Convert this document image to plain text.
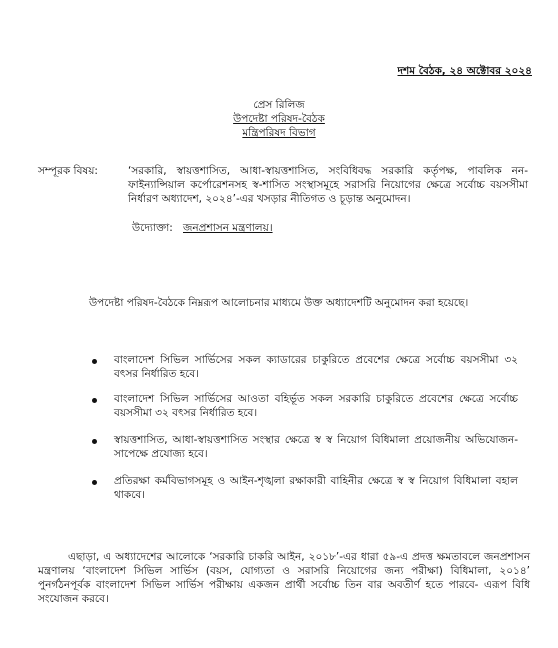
দশম বৈঠক, ২৪ অক্টোবর ২০২৪
প্রেস রিলিজ
উপদেষ্টা পরিষদ-বৈঠক
মন্ত্রিপরিষদ বিভাগ
সম্পূরক বিষয়:	‘সরকারি, স্বায়ত্তশাসিত, আধা-স্বায়ত্তশাসিত, সংবিধিবদ্ধ সরকারি কর্তৃপক্ষ, পাবলিক নন-ফাইন্যান্সিয়াল কর্পোরেশনসহ স্ব-শাসিত সংস্থাসমূহে সরাসরি নিয়োগের ক্ষেত্রে সর্বোচ্চ বয়সসীমা নির্ধারণ অধ্যাদেশ, ২০২৪’-এর খসড়ার নীতিগত ও চূড়ান্ত অনুমোদন।
উদ্যোক্তা: জনপ্রশাসন মন্ত্রণালয়।
উপদেষ্টা পরিষদ-বৈঠকে নিম্নরূপ আলোচনার মাধ্যমে উক্ত অধ্যাদেশটি অনুমোদন করা হয়েছে।
বাংলাদেশ সিভিল সার্ভিসের সকল ক্যাডারের চাকুরিতে প্রবেশের ক্ষেত্রে সর্বোচ্চ বয়সসীমা ৩২ বৎসর নির্ধারিত হবে।
বাংলাদেশ সিভিল সার্ভিসের আওতা বহির্ভূত সকল সরকারি চাকুরিতে প্রবেশের ক্ষেত্রে সর্বোচ্চ বয়সসীমা ৩২ বৎসর নির্ধারিত হবে।
স্বায়ত্তশাসিত, আধা-স্বায়ত্তশাসিত সংস্থার ক্ষেত্রে স্ব স্ব নিয়োগ বিধিমালা প্রয়োজনীয় অভিযোজন-সাপেক্ষে প্রযোজ্য হবে।
প্রতিরক্ষা কর্মবিভাগসমূহ ও আইন-শৃঙ্খলা রক্ষাকারী বাহিনীর ক্ষেত্রে স্ব স্ব নিয়োগ বিধিমালা বহাল থাকবে।
এছাড়া, এ অধ্যাদেশের আলোকে ‘সরকারি চাকরি আইন, ২০১৮’-এর ধারা ৫৯-এ প্রদত্ত ক্ষমতাবলে জনপ্রশাসন মন্ত্রণালয় ‘বাংলাদেশ সিভিল সার্ভিস (বয়স, যোগ্যতা ও সরাসরি নিয়োগের জন্য পরীক্ষা) বিধিমালা, ২০১৪’ পুনর্গঠনপূর্বক বাংলাদেশ সিভিল সার্ভিস পরীক্ষায় একজন প্রার্থী সর্বোচ্চ তিন বার অবতীর্ণ হতে পারবে- এরূপ বিধি সংযোজন করবে।
